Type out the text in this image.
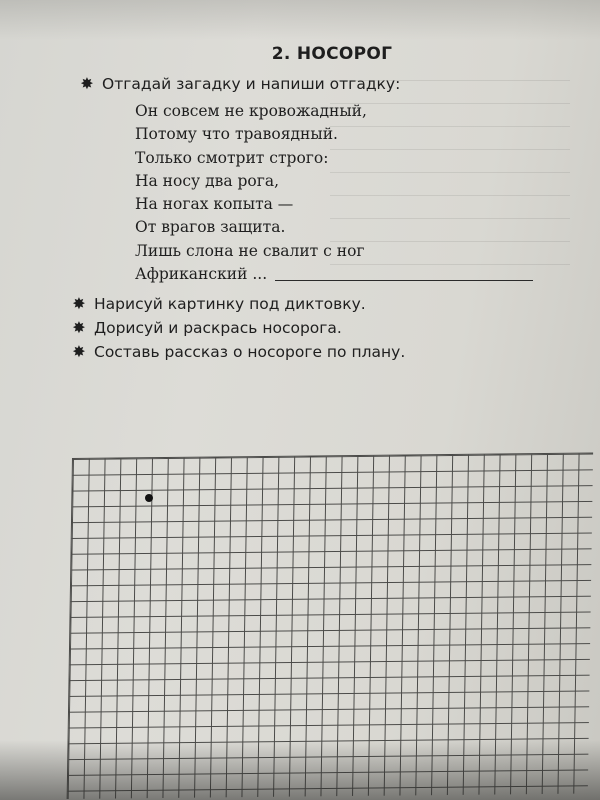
2. НОСОРОГ
✸ Отгадай загадку и напиши отгадку:
Он совсем не кровожадный,
Потому что травоядный.
Только смотрит строго:
На носу два рога,
На ногах копыта —
От врагов защита.
Лишь слона не свалит с ног
Африканский ...
✸ Нарисуй картинку под диктовку.
✸ Дорисуй и раскрась носорога.
✸ Составь рассказ о носороге по плану.
